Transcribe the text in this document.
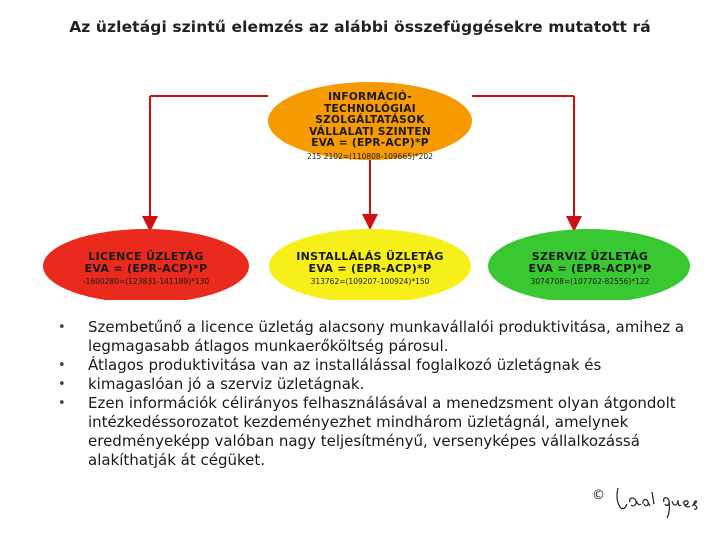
Az üzletági szintű elemzés az alábbi összefüggésekre mutatott rá
INFORMÁCIÓ-
TECHNOLÓGIAI
SZOLGÁLTATÁSOK
VÁLLALATI SZINTEN
EVA = (EPR-ACP)*P
215 2102=(110808-109665)*202
LICENCE ÜZLETÁG
EVA = (EPR-ACP)*P
-1600280=(123831-141189)*130
INSTALLÁLÁS ÜZLETÁG
EVA = (EPR-ACP)*P
313762=(109207-100924)*150
SZERVIZ ÜZLETÁG
EVA = (EPR-ACP)*P
3074708=(107702-82556)*122
• Szembetűnő a licence üzletág alacsony munkavállalói produktivitása, amihez a legmagasabb átlagos munkaerőköltség párosul.
• Átlagos produktivitása van az installálással foglalkozó üzletágnak és
• kimagaslóan jó a szerviz üzletágnak.
• Ezen információk célirányos felhasználásával a menedzsment olyan átgondolt intézkedéssorozatot kezdeményezhet mindhárom üzletágnál, amelynek eredményeképp valóban nagy teljesítményű, versenyképes vállalkozássá alakíthatják át cégüket.
©
